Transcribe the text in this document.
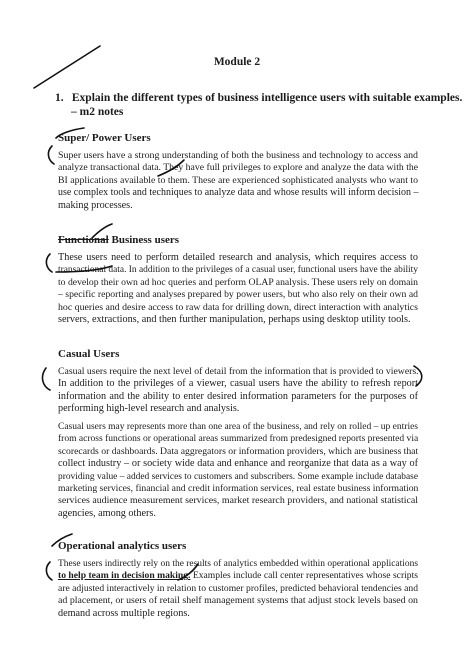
Module 2
1. Explain the different types of business intelligence users with suitable examples.
– m2 notes
Super/ Power Users
Super users have a strong understanding of both the business and technology to access and
analyze transactional data. They have full privileges to explore and analyze the data with the
BI applications available to them. These are experienced sophisticated analysts who want to
use complex tools and techniques to analyze data and whose results will inform decision –
making processes.
Functional Business users
These users need to perform detailed research and analysis, which requires access to
transactional data. In addition to the privileges of a casual user, functional users have the ability
to develop their own ad hoc queries and perform OLAP analysis. These users rely on domain
– specific reporting and analyses prepared by power users, but who also rely on their own ad
hoc queries and desire access to raw data for drilling down, direct interaction with analytics
servers, extractions, and then further manipulation, perhaps using desktop utility tools.
Casual Users
Casual users require the next level of detail from the information that is provided to viewers.
In addition to the privileges of a viewer, casual users have the ability to refresh report
information and the ability to enter desired information parameters for the purposes of
performing high-level research and analysis.
Casual users may represents more than one area of the business, and rely on rolled – up entries
from across functions or operational areas summarized from predesigned reports presented via
scorecards or dashboards. Data aggregators or information providers, which are business that
collect industry – or society wide data and enhance and reorganize that data as a way of
providing value – added services to customers and subscribers. Some example include database
marketing services, financial and credit information services, real estate business information
services audience measurement services, market research providers, and national statistical
agencies, among others.
Operational analytics users
These users indirectly rely on the results of analytics embedded within operational applications
to help team in decision making. Examples include call center representatives whose scripts
are adjusted interactively in relation to customer profiles, predicted behavioral tendencies and
ad placement, or users of retail shelf management systems that adjust stock levels based on
demand across multiple regions.
